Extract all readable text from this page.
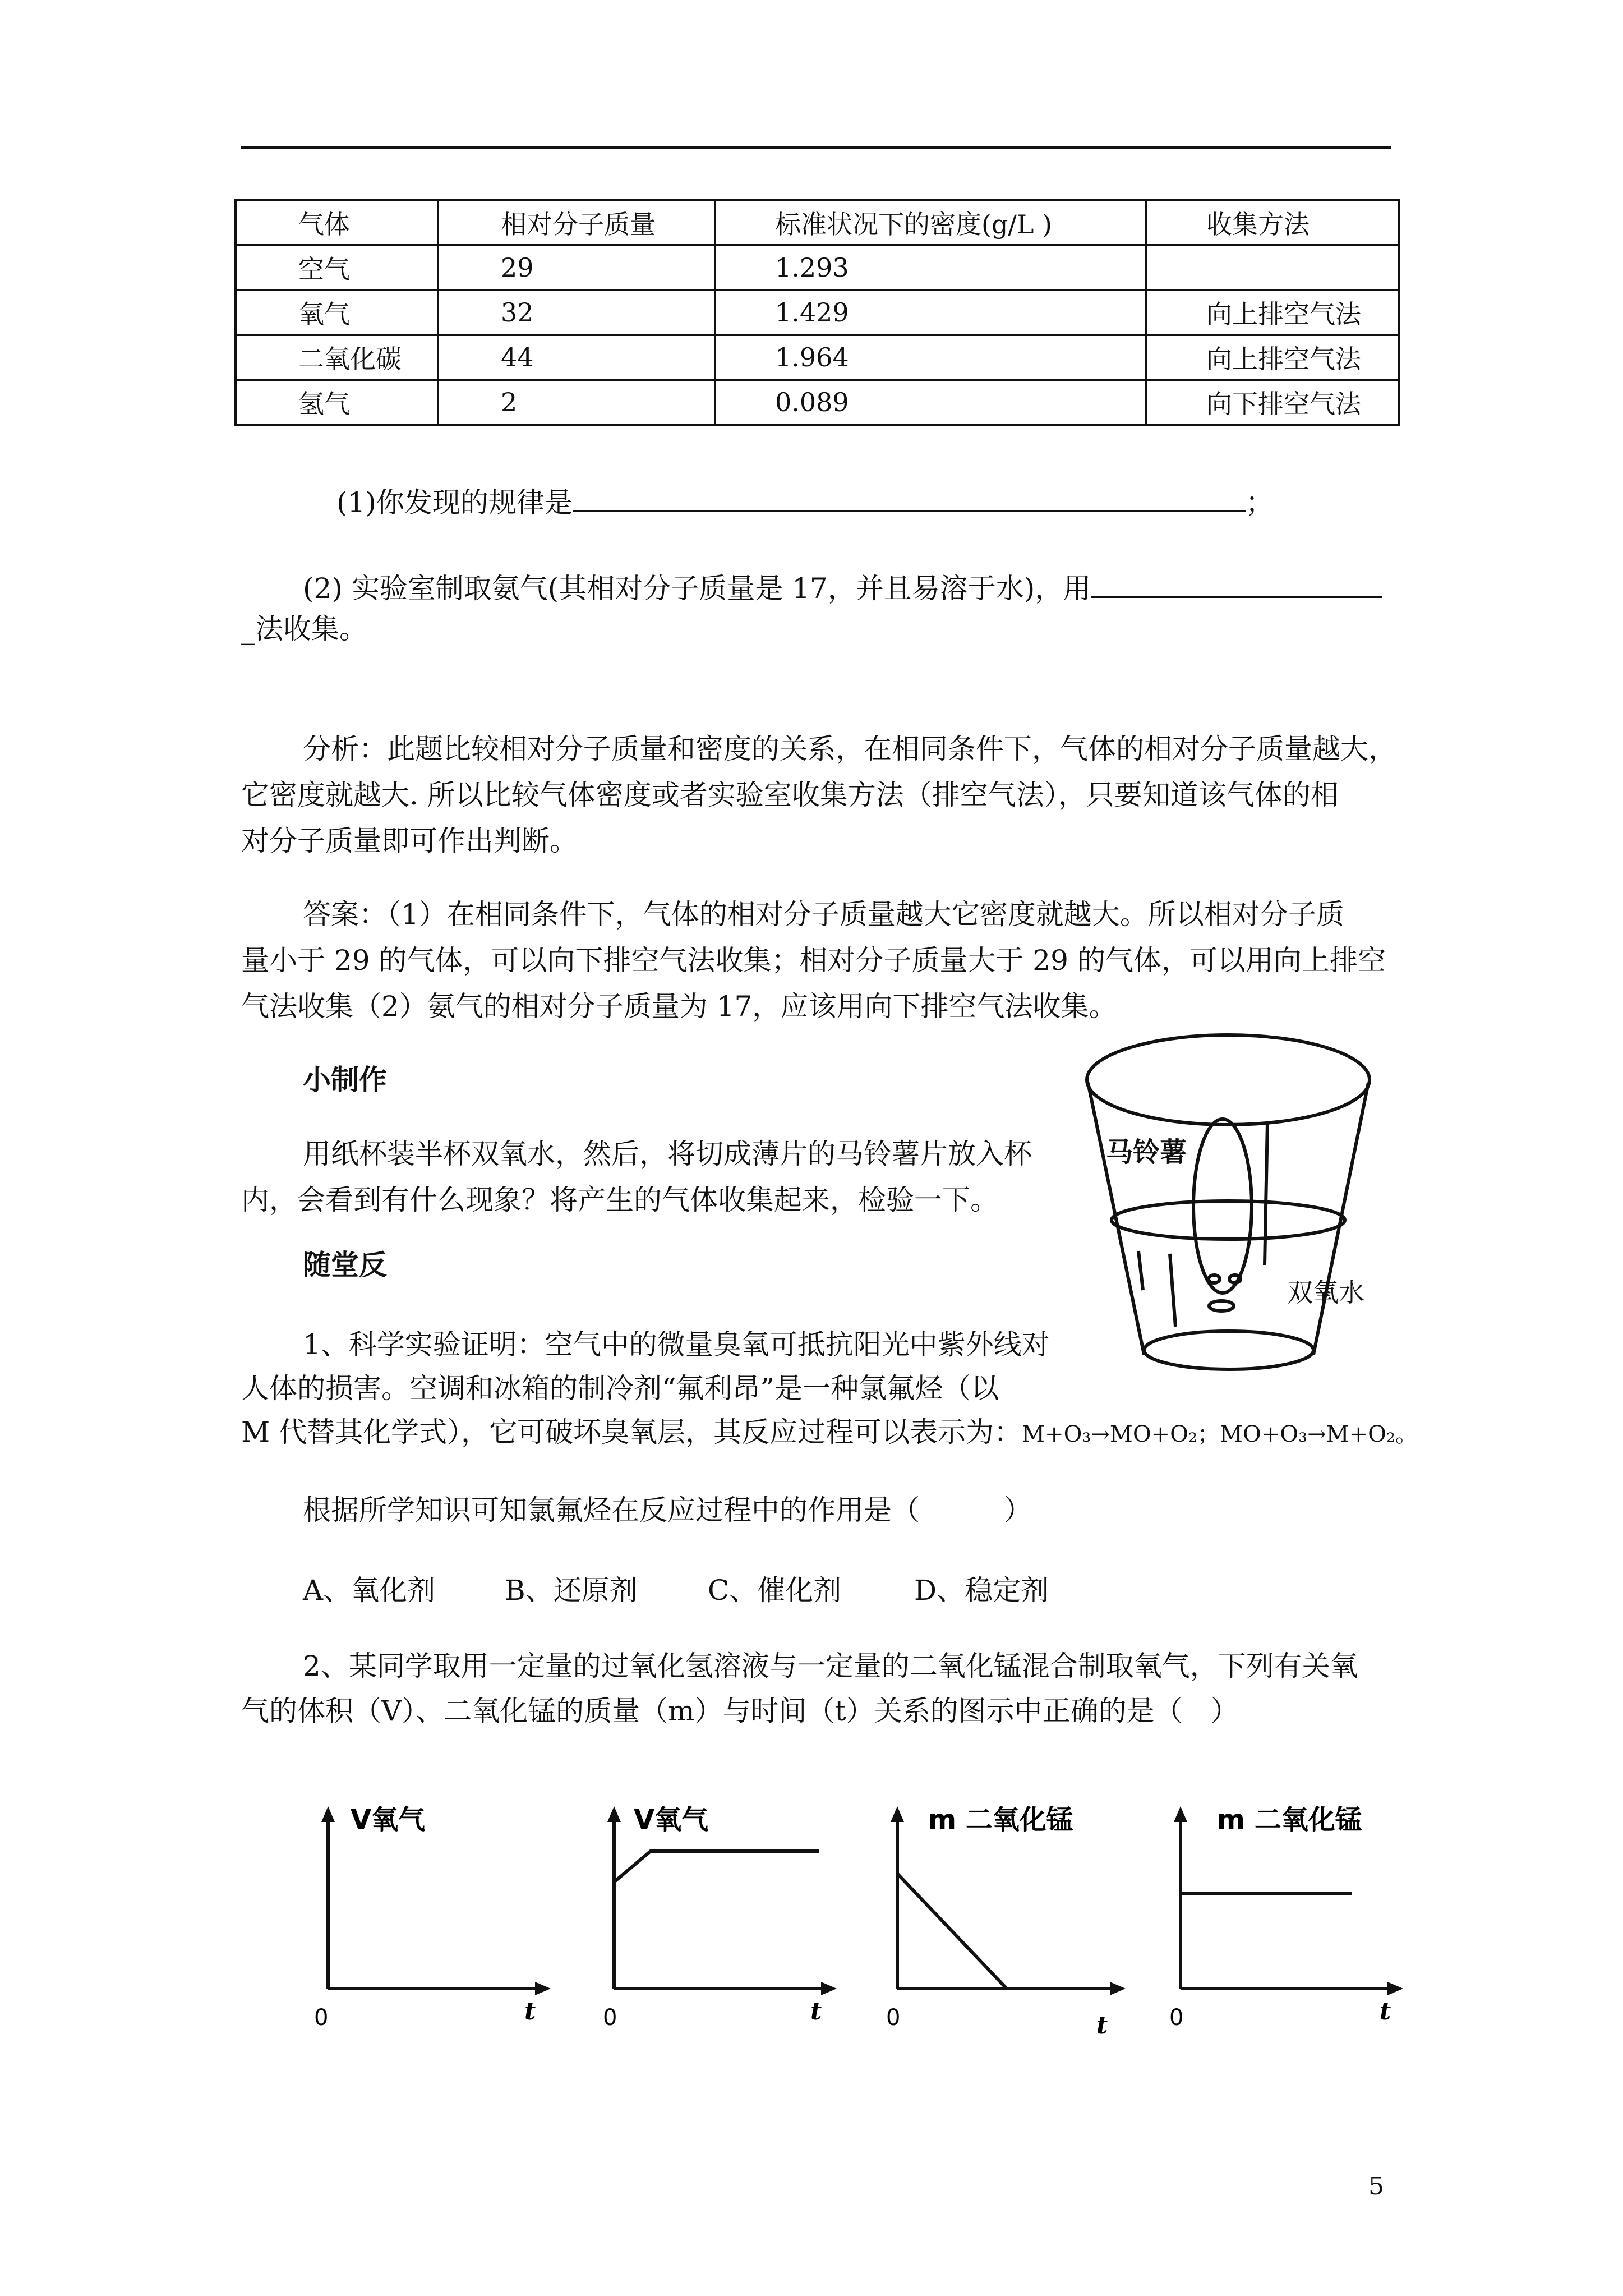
气体	相对分子质量	标准状况下的密度(g/L )	收集方法
空气	29	1.293	
氧气	32	1.429	向上排空气法
二氧化碳	44	1.964	向上排空气法
氢气	2	0.089	向下排空气法
(1)你发现的规律是	；
(2) 实验室制取氨气(其相对分子质量是 17，并且易溶于水)，用
_法收集。
分析：此题比较相对分子质量和密度的关系，在相同条件下，气体的相对分子质量越大，
它密度就越大. 所以比较气体密度或者实验室收集方法（排空气法），只要知道该气体的相
对分子质量即可作出判断。
答案：（1）在相同条件下，气体的相对分子质量越大它密度就越大。所以相对分子质
量小于 29 的气体，可以向下排空气法收集；相对分子质量大于 29 的气体，可以用向上排空
气法收集（2）氨气的相对分子质量为 17，应该用向下排空气法收集。
小制作
用纸杯装半杯双氧水，然后，将切成薄片的马铃薯片放入杯
内，会看到有什么现象？将产生的气体收集起来，检验一下。
马铃薯
双氧水
随堂反
1、科学实验证明：空气中的微量臭氧可抵抗阳光中紫外线对
人体的损害。空调和冰箱的制冷剂“氟利昂”是一种氯氟烃（以
M 代替其化学式），它可破坏臭氧层，其反应过程可以表示为：M+O₃→MO+O₂；MO+O₃→M+O₂。
根据所学知识可知氯氟烃在反应过程中的作用是（　　　）
A、氧化剂 B、还原剂	C、催化剂	D、稳定剂
2、某同学取用一定量的过氧化氢溶液与一定量的二氧化锰混合制取氧气，下列有关氧
气的体积（V）、二氧化锰的质量（m）与时间（t）关系的图示中正确的是（　）
V氧气
0	t
V氧气
0	t
m 二氧化锰
0	t
m 二氧化锰
0	t
5
